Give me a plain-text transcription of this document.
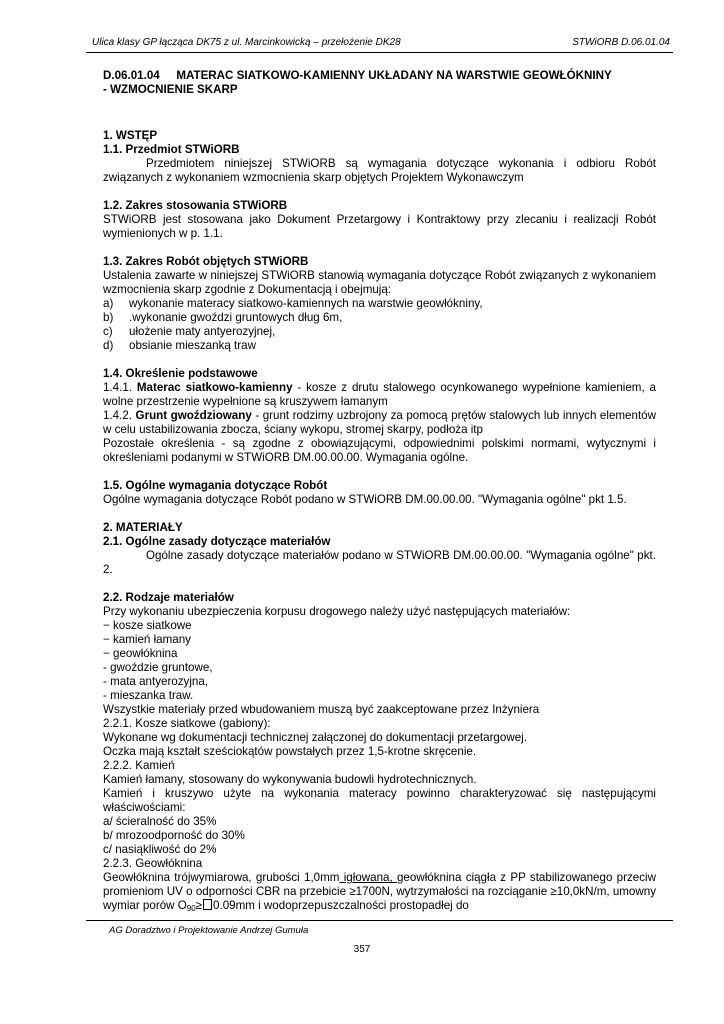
Ulica klasy GP łącząca DK75 z ul. Marcinkowicką – przełożenie DK28	STWiORB D.06.01.04
D.06.01.04 MATERAC SIATKOWO-KAMIENNY UKŁADANY NA WARSTWIE GEOWŁÓKNINY
- WZMOCNIENIE SKARP

1. WSTĘP

1.1. Przedmiot STWiORB

Przedmiotem niniejszej STWiORB są wymagania dotyczące wykonania i odbioru Robót związanych z wykonaniem wzmocnienia skarp objętych Projektem Wykonawczym

1.2. Zakres stosowania STWiORB

STWiORB jest stosowana jako Dokument Przetargowy i Kontraktowy przy zlecaniu i realizacji Robót wymienionych w p. 1.1.

1.3. Zakres Robót objętych STWiORB

Ustalenia zawarte w niniejszej STWiORB stanowią wymagania dotyczące Robót związanych z wykonaniem wzmocnienia skarp zgodnie z Dokumentacją i obejmują:

a)	wykonanie materacy siatkowo-kamiennych na warstwie geowłókniny,
b)	.wykonanie gwoździ gruntowych dług 6m,
c)	ułożenie maty antyerozyjnej,
d)	obsianie mieszanką traw

1.4. Określenie podstawowe

1.4.1. Materac siatkowo-kamienny - kosze z drutu stalowego ocynkowanego wypełnione kamieniem, a wolne przestrzenie wypełnione są kruszywem łamanym

1.4.2. Grunt gwoździowany - grunt rodzimy uzbrojony za pomocą prętów stalowych lub innych elementów w celu ustabilizowania zbocza, ściany wykopu, stromej skarpy, podłoża itp

Pozostałe określenia - są zgodne z obowiązującymi, odpowiednimi polskimi normami, wytycznymi i określeniami podanymi w STWiORB DM.00.00.00. Wymagania ogólne.

1.5. Ogólne wymagania dotyczące Robót

Ogólne wymagania dotyczące Robót podano w STWiORB DM.00.00.00. "Wymagania ogólne" pkt 1.5.

2. MATERIAŁY

2.1. Ogólne zasady dotyczące materiałów

Ogólne zasady dotyczące materiałów podano w STWiORB DM.00.00.00. "Wymagania ogólne" pkt. 2.

2.2. Rodzaje materiałów

Przy wykonaniu ubezpieczenia korpusu drogowego należy użyć następujących materiałów:

− kosze siatkowe

− kamień łamany

− geowłóknina

- gwoździe gruntowe,

- mata antyerozyjna,

- mieszanka traw.

Wszystkie materiały przed wbudowaniem muszą być zaakceptowane przez Inżyniera

2.2.1. Kosze siatkowe (gabiony):

Wykonane wg dokumentacji technicznej załączonej do dokumentacji przetargowej.

Oczka mają kształt sześciokątów powstałych przez 1,5-krotne skręcenie.

2.2.2. Kamień

Kamień łamany, stosowany do wykonywania budowli hydrotechnicznych.

Kamień i kruszywo użyte na wykonania materacy powinno charakteryzować się następującymi właściwościami:

a/ ścieralność do 35%

b/ mrozoodporność do 30%

c/ nasiąkliwość do 2%

2.2.3. Geowłóknina

Geowłóknina trójwymiarowa, grubości 1,0mm igłowana, geowłóknina ciągła z PP stabilizowanego przeciw promieniom UV o odporności CBR na przebicie ≥1700N, wytrzymałości na rozciąganie ≥10,0kN/m, umowny wymiar porów $O_{90}\ge 0.09mm$ i wodoprzepuszczalności prostopadłej do

AG Doradztwo i Projektowanie Andrzej Gumuła
357
